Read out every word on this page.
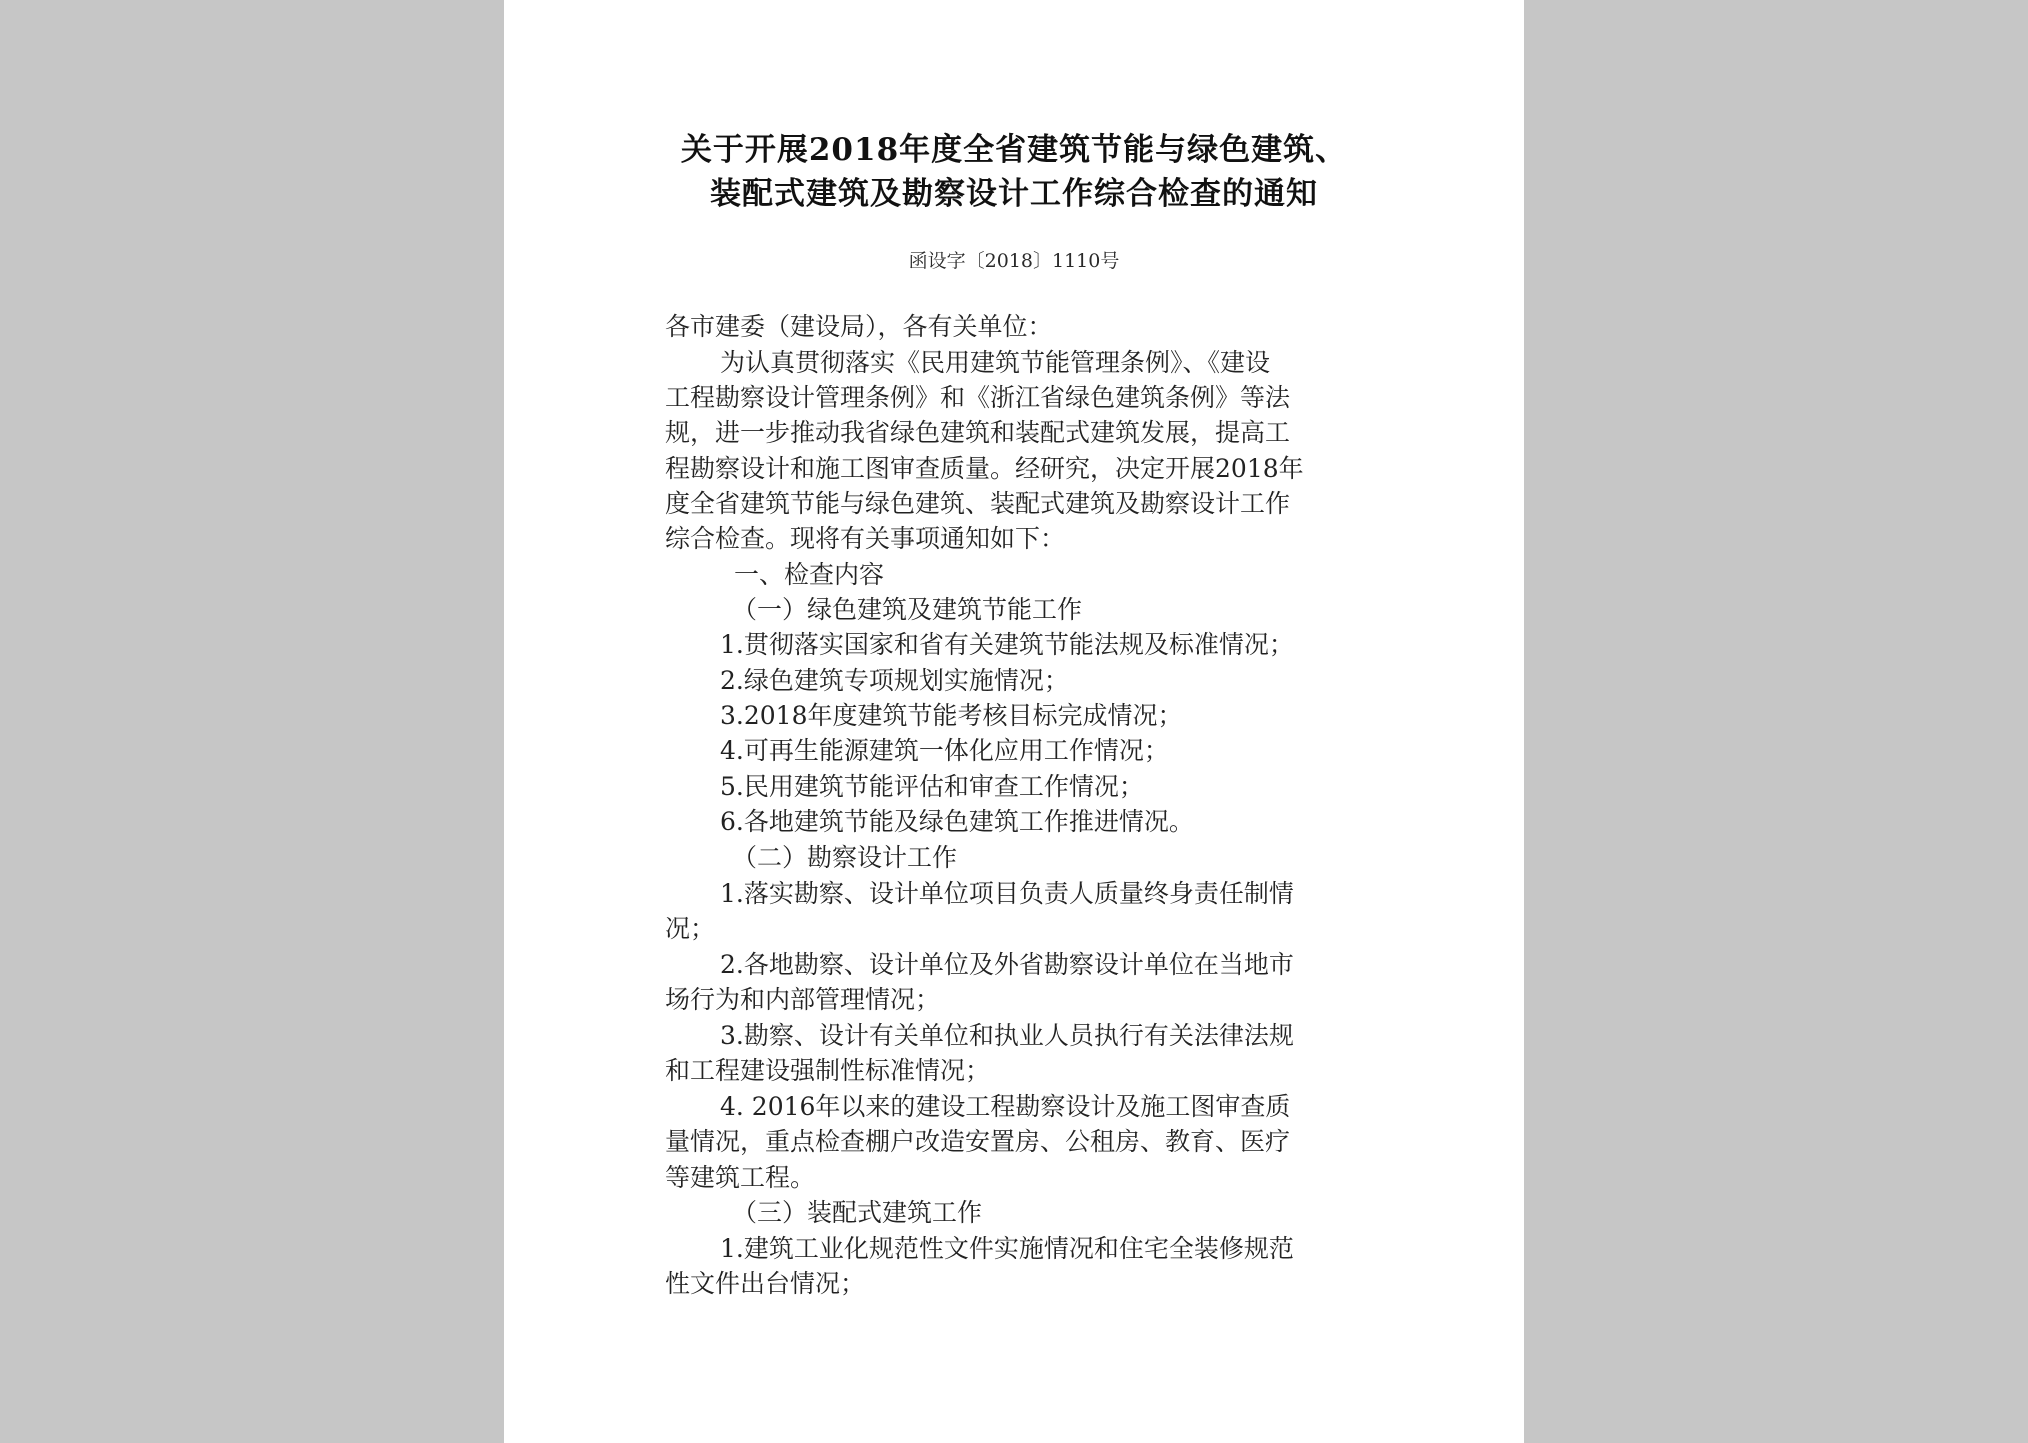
关于开展2018年度全省建筑节能与绿色建筑、
装配式建筑及勘察设计工作综合检查的通知
函设字〔2018〕1110号
各市建委（建设局），各有关单位：
为认真贯彻落实《民用建筑节能管理条例》、《建设
工程勘察设计管理条例》和《浙江省绿色建筑条例》等法
规，进一步推动我省绿色建筑和装配式建筑发展，提高工
程勘察设计和施工图审查质量。经研究，决定开展2018年
度全省建筑节能与绿色建筑、装配式建筑及勘察设计工作
综合检查。现将有关事项通知如下：
一、检查内容
（一）绿色建筑及建筑节能工作
1.贯彻落实国家和省有关建筑节能法规及标准情况；
2.绿色建筑专项规划实施情况；
3.2018年度建筑节能考核目标完成情况；
4.可再生能源建筑一体化应用工作情况；
5.民用建筑节能评估和审查工作情况；
6.各地建筑节能及绿色建筑工作推进情况。
（二）勘察设计工作
1.落实勘察、设计单位项目负责人质量终身责任制情
况；
2.各地勘察、设计单位及外省勘察设计单位在当地市
场行为和内部管理情况；
3.勘察、设计有关单位和执业人员执行有关法律法规
和工程建设强制性标准情况；
4. 2016年以来的建设工程勘察设计及施工图审查质
量情况，重点检查棚户改造安置房、公租房、教育、医疗
等建筑工程。
（三）装配式建筑工作
1.建筑工业化规范性文件实施情况和住宅全装修规范
性文件出台情况；
